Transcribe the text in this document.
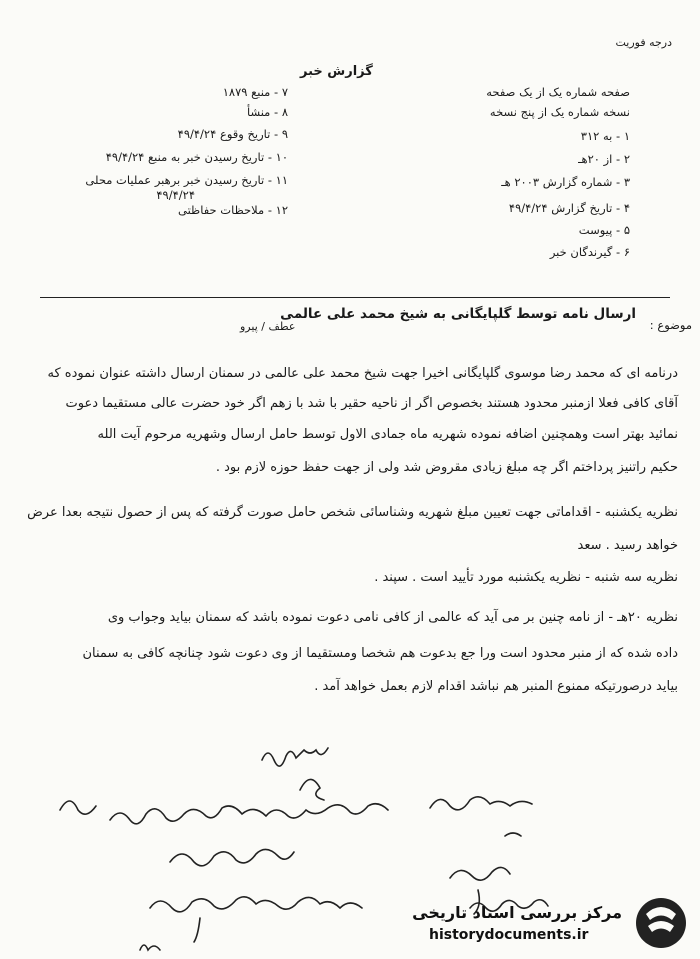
درجه فوریت
گزارش خبر
صفحه شماره یک از یک صفحه
نسخه شماره یک از پنج نسخه
۱ - به ۳۱۲
۲ - از ۲۰هـ
۳ - شماره گزارش ۲۰۰۳ هـ
۴ - تاریخ گزارش ۴۹/۴/۲۴
۵ - پیوست
۶ - گیرندگان خبر
۷ - منبع ۱۸۷۹
۸ - منشأ
۹ - تاریخ وقوع ۴۹/۴/۲۴
۱۰ - تاریخ رسیدن خبر به منبع ۴۹/۴/۲۴
۱۱ - تاریخ رسیدن خبر برهبر عملیات محلی
۴۹/۴/۲۴
۱۲ - ملاحظات حفاظتی
موضوع :
ارسال نامه توسط گلپایگانی به شیخ محمد علی عالمی
عطف / پیرو
درنامه ای که محمد رضا موسوی گلپایگانی اخیرا جهت شیخ محمد علی عالمی در سمنان ارسال داشته عنوان نموده که
آقای کافی فعلا ازمنبر محدود هستند بخصوص اگر از ناحیه حقیر با شد با زهم اگر خود حضرت عالی مستقیما دعوت
نمائید بهتر است وهمچنین اضافه نموده شهریه ماه جمادی الاول توسط حامل ارسال وشهریه مرحوم آیت الله
حکیم راتنیز پرداختم اگر چه مبلغ زیادی مقروض شد ولی از جهت حفظ حوزه لازم بود .
نظریه یکشنبه - اقداماتی جهت تعیین مبلغ شهریه وشناسائی شخص حامل صورت گرفته که پس از حصول نتیجه بعدا عرض
خواهد رسید . سعد
نظریه سه شنبه - نظریه یکشنبه مورد تأیید است . سپند .
نظریه ۲۰هـ - از نامه چنین بر می آید که عالمی از کافی نامی دعوت نموده باشد که سمنان بیاید وجواب وی
داده شده که از منبر محدود است ورا جع بدعوت هم شخصا ومستقیما از وی دعوت شود چنانچه کافی به سمنان
بیاید درصورتیکه ممنوع المنبر هم نباشد اقدام لازم بعمل خواهد آمد .
مرکز بررسی اسناد تاریخی
historydocuments.ir
